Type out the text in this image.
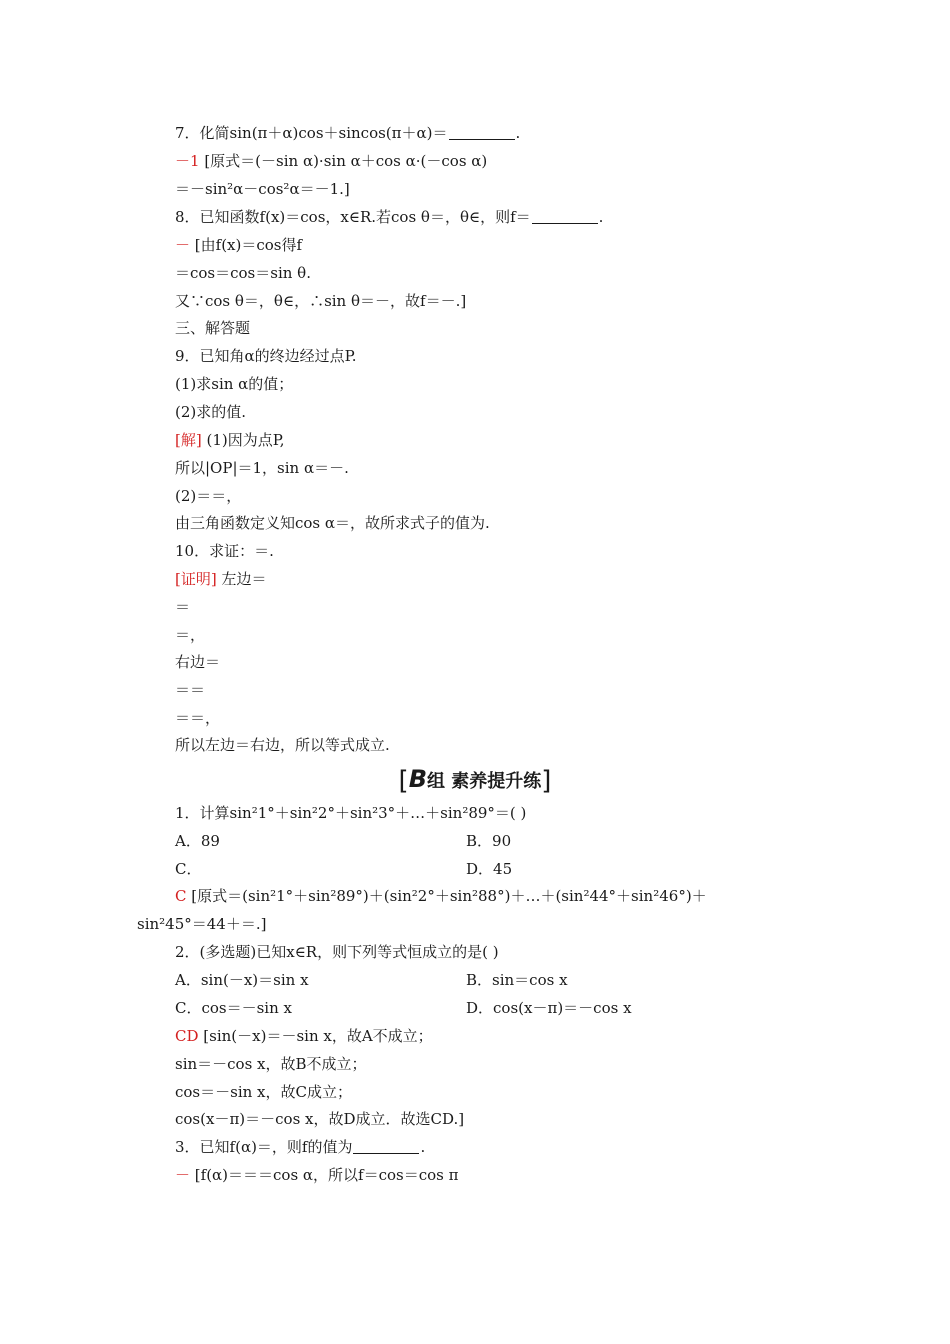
7．化简sin(π＋α)cos＋sincos(π＋α)＝	.
－1 [原式＝(－sin α)·sin α＋cos α·(－cos α)
＝－sin²α－cos²α＝－1.]
8．已知函数f(x)＝cos，x∈R.若cos θ＝，θ∈，则f＝	.
－ [由f(x)＝cos得f
＝cos＝cos＝sin θ.
又∵cos θ＝，θ∈，∴sin θ＝－，故f＝－.]
三、解答题
9．已知角α的终边经过点P.
(1)求sin α的值；
(2)求的值.
[解] (1)因为点P,
所以|OP|＝1，sin α＝－.
(2)＝＝，
由三角函数定义知cos α＝，故所求式子的值为.
10．求证：＝.
[证明] 左边＝
＝
＝，
右边＝
＝＝
＝＝，
所以左边＝右边，所以等式成立.
[B组 素养提升练]
1．计算sin²1°＋sin²2°＋sin²3°＋…＋sin²89°＝( )
A．89	B．90
C．	D．45
C [原式＝(sin²1°＋sin²89°)＋(sin²2°＋sin²88°)＋…＋(sin²44°＋sin²46°)＋
sin²45°＝44＋＝.]
2．(多选题)已知x∈R，则下列等式恒成立的是( )
A．sin(－x)＝sin x	B．sin＝cos x
C．cos＝－sin x	D．cos(x－π)＝－cos x
CD [sin(－x)＝－sin x，故A不成立；
sin＝－cos x，故B不成立；
cos＝－sin x，故C成立；
cos(x－π)＝－cos x，故D成立．故选CD.]
3．已知f(α)＝，则f的值为	.
－ [f(α)＝＝＝cos α，所以f＝cos＝cos π
